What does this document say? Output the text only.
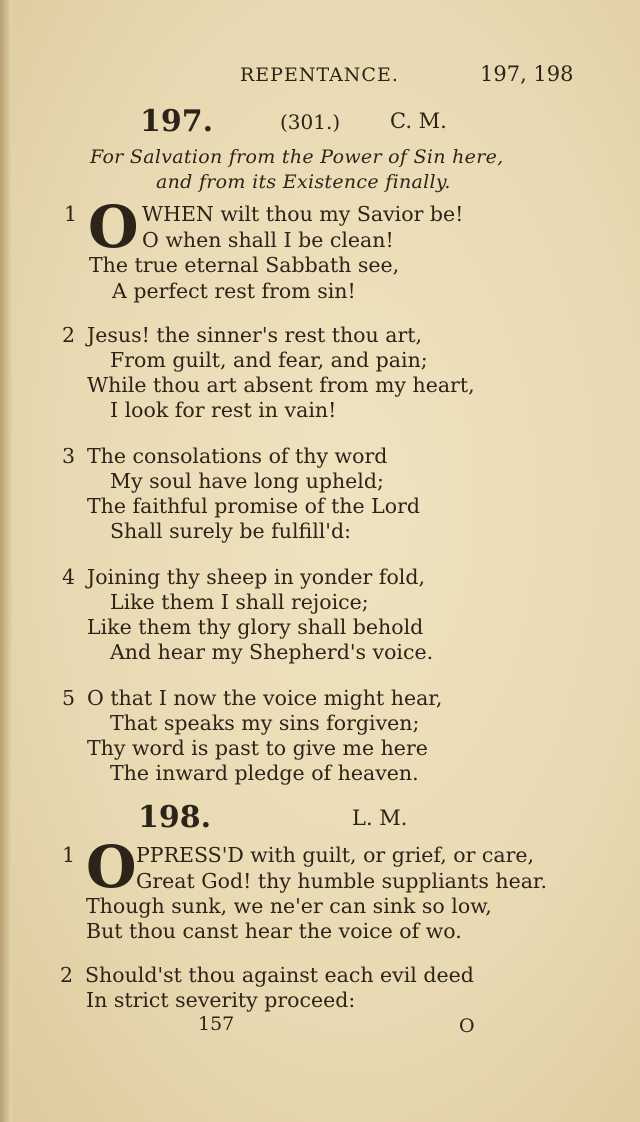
REPENTANCE.	197, 198
197.	(301.) C. M.
For Salvation from the Power of Sin here,
and from its Existence finally.
1 O WHEN wilt thou my Savior be!
O when shall I be clean!
The true eternal Sabbath see,
A perfect rest from sin!
2 Jesus! the sinner's rest thou art,
From guilt, and fear, and pain;
While thou art absent from my heart,
I look for rest in vain!
3 The consolations of thy word
My soul have long upheld;
The faithful promise of the Lord
Shall surely be fulfill'd:
4 Joining thy sheep in yonder fold,
Like them I shall rejoice;
Like them thy glory shall behold
And hear my Shepherd's voice.
5 O that I now the voice might hear,
That speaks my sins forgiven;
Thy word is past to give me here
The inward pledge of heaven.
198.	L. M.
1 O PPRESS'D with guilt, or grief, or care,
Great God! thy humble suppliants hear.
Though sunk, we ne'er can sink so low,
But thou canst hear the voice of wo.
2 Should'st thou against each evil deed
In strict severity proceed:
157	O
